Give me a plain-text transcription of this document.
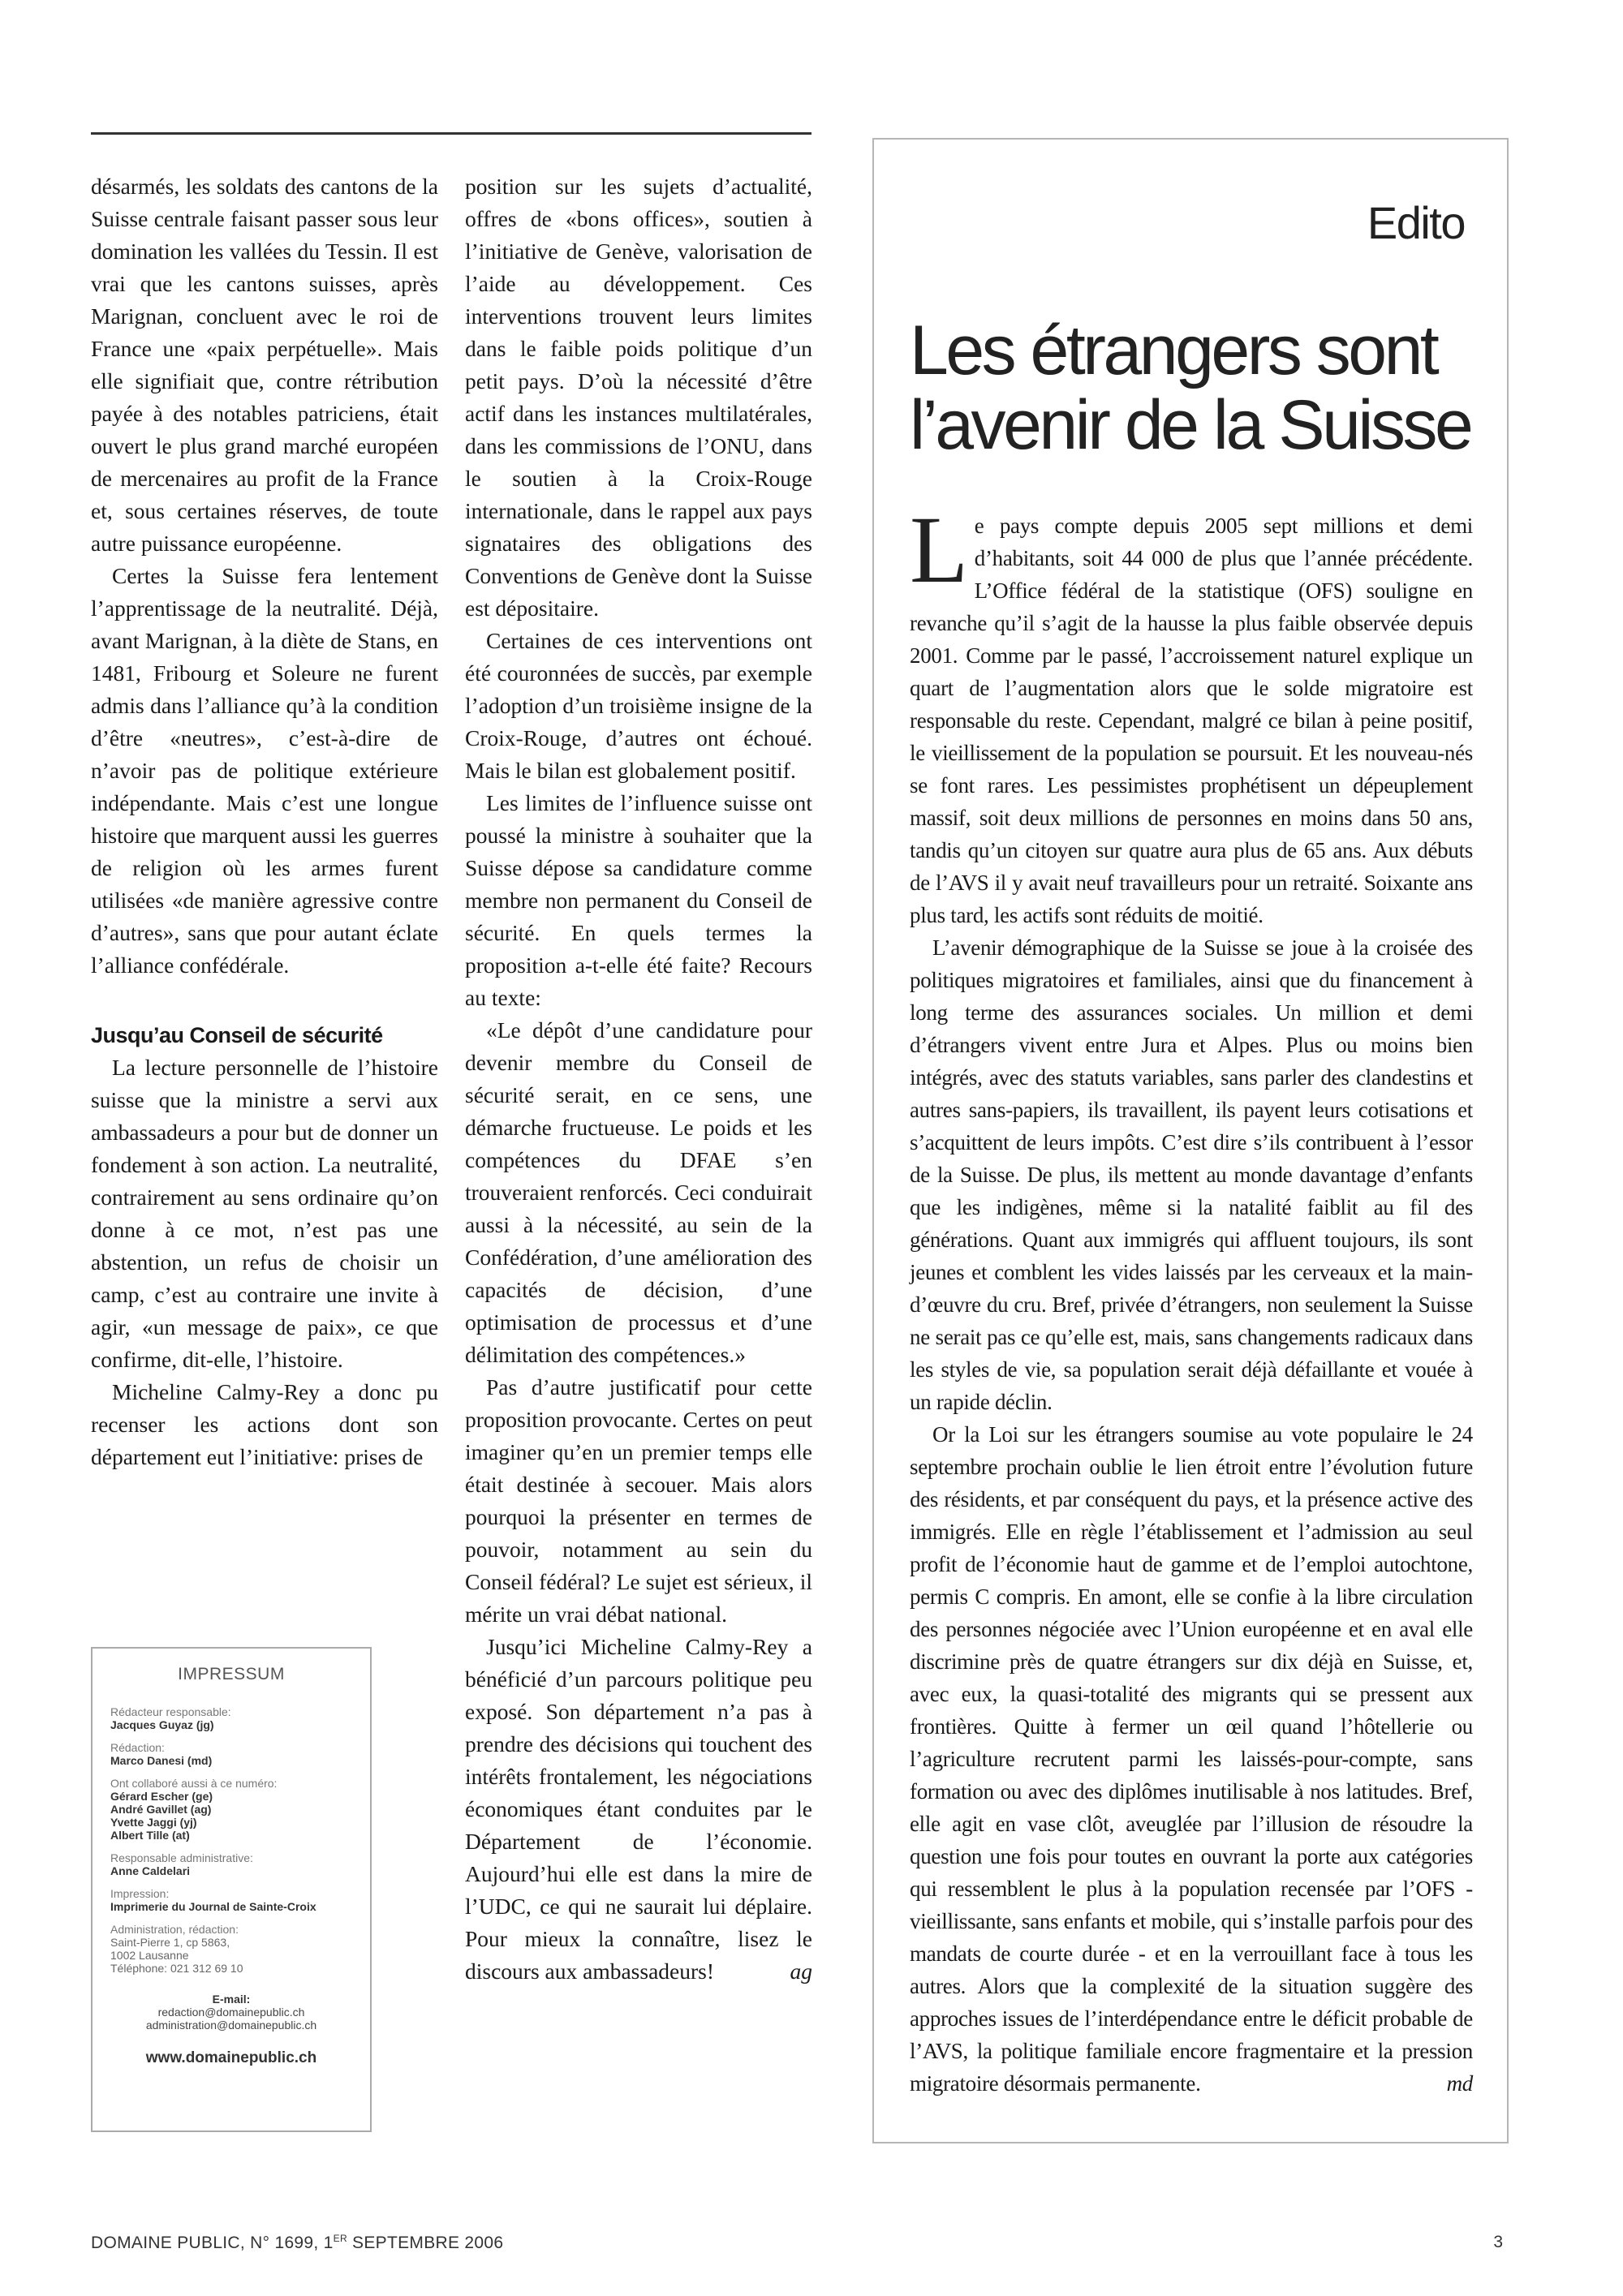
désarmés, les soldats des cantons de la Suisse centrale faisant passer sous leur domination les vallées du Tessin. Il est vrai que les cantons suisses, après Marignan, concluent avec le roi de France une «paix perpétuelle». Mais elle signifiait que, contre rétribution payée à des notables patriciens, était ouvert le plus grand marché européen de mercenaires au profit de la France et, sous certaines réserves, de toute autre puissance européenne.

Certes la Suisse fera lentement l’apprentissage de la neutralité. Déjà, avant Marignan, à la diète de Stans, en 1481, Fribourg et Soleure ne furent admis dans l’alliance qu’à la condition d’être «neutres», c’est-à-dire de n’avoir pas de politique extérieure indépendante. Mais c’est une longue histoire que marquent aussi les guerres de religion où les armes furent utilisées «de manière agressive contre d’autres», sans que pour autant éclate l’alliance confédérale.

Jusqu’au Conseil de sécurité

La lecture personnelle de l’histoire suisse que la ministre a servi aux ambassadeurs a pour but de donner un fondement à son action. La neutralité, contrairement au sens ordinaire qu’on donne à ce mot, n’est pas une abstention, un refus de choisir un camp, c’est au contraire une invite à agir, «un message de paix», ce que confirme, dit-elle, l’histoire.

Micheline Calmy-Rey a donc pu recenser les actions dont son département eut l’initiative: prises de

position sur les sujets d’actualité, offres de «bons offices», soutien à l’initiative de Genève, valorisation de l’aide au développement. Ces interventions trouvent leurs limites dans le faible poids politique d’un petit pays. D’où la nécessité d’être actif dans les instances multilatérales, dans les commissions de l’ONU, dans le soutien à la Croix-Rouge internationale, dans le rappel aux pays signataires des obligations des Conventions de Genève dont la Suisse est dépositaire.

Certaines de ces interventions ont été couronnées de succès, par exemple l’adoption d’un troisième insigne de la Croix-Rouge, d’autres ont échoué. Mais le bilan est globalement positif.

Les limites de l’influence suisse ont poussé la ministre à souhaiter que la Suisse dépose sa candidature comme membre non permanent du Conseil de sécurité. En quels termes la proposition a-t-elle été faite? Recours au texte:

«Le dépôt d’une candidature pour devenir membre du Conseil de sécurité serait, en ce sens, une démarche fructueuse. Le poids et les compétences du DFAE s’en trouveraient renforcés. Ceci conduirait aussi à la nécessité, au sein de la Confédération, d’une amélioration des capacités de décision, d’une optimisation de processus et d’une délimitation des compétences.»

Pas d’autre justificatif pour cette proposition provocante. Certes on peut imaginer qu’en un premier temps elle était destinée à secouer. Mais alors pourquoi la présenter en termes de pouvoir, notamment au sein du Conseil fédéral? Le sujet est sérieux, il mérite un vrai débat national.

Jusqu’ici Micheline Calmy-Rey a bénéficié d’un parcours politique peu exposé. Son département n’a pas à prendre des décisions qui touchent des intérêts frontalement, les négociations économiques étant conduites par le Département de l’économie. Aujourd’hui elle est dans la mire de l’UDC, ce qui ne saurait lui déplaire. Pour mieux la connaître, lisez le discours aux ambassadeurs!	ag

IMPRESSUM
Rédacteur responsable:
Jacques Guyaz (jg)
Rédaction:
Marco Danesi (md)
Ont collaboré aussi à ce numéro:
Gérard Escher (ge)
André Gavillet (ag)
Yvette Jaggi (yj)
Albert Tille (at)
Responsable administrative:
Anne Caldelari
Impression:
Imprimerie du Journal de Sainte-Croix
Administration, rédaction:
Saint-Pierre 1, cp 5863,
1002 Lausanne
Téléphone: 021 312 69 10
E-mail:
redaction@domainepublic.ch
administration@domainepublic.ch
www.domainepublic.ch
Edito
Les étrangers sont l’avenir de la Suisse

Le pays compte depuis 2005 sept millions et demi d’habitants, soit 44 000 de plus que l’année précédente. L’Office fédéral de la statistique (OFS) souligne en revanche qu’il s’agit de la hausse la plus faible observée depuis 2001. Comme par le passé, l’accroissement naturel explique un quart de l’augmentation alors que le solde migratoire est responsable du reste. Cependant, malgré ce bilan à peine positif, le vieillissement de la population se poursuit. Et les nouveau-nés se font rares. Les pessimistes prophétisent un dépeuplement massif, soit deux millions de personnes en moins dans 50 ans, tandis qu’un citoyen sur quatre aura plus de 65 ans. Aux débuts de l’AVS il y avait neuf travailleurs pour un retraité. Soixante ans plus tard, les actifs sont réduits de moitié.

L’avenir démographique de la Suisse se joue à la croisée des politiques migratoires et familiales, ainsi que du financement à long terme des assurances sociales. Un million et demi d’étrangers vivent entre Jura et Alpes. Plus ou moins bien intégrés, avec des statuts variables, sans parler des clandestins et autres sans-papiers, ils travaillent, ils payent leurs cotisations et s’acquittent de leurs impôts. C’est dire s’ils contribuent à l’essor de la Suisse. De plus, ils mettent au monde davantage d’enfants que les indigènes, même si la natalité faiblit au fil des générations. Quant aux immigrés qui affluent toujours, ils sont jeunes et comblent les vides laissés par les cerveaux et la main-d’œuvre du cru. Bref, privée d’étrangers, non seulement la Suisse ne serait pas ce qu’elle est, mais, sans changements radicaux dans les styles de vie, sa population serait déjà défaillante et vouée à un rapide déclin.

Or la Loi sur les étrangers soumise au vote populaire le 24 septembre prochain oublie le lien étroit entre l’évolution future des résidents, et par conséquent du pays, et la présence active des immigrés. Elle en règle l’établissement et l’admission au seul profit de l’économie haut de gamme et de l’emploi autochtone, permis C compris. En amont, elle se confie à la libre circulation des personnes négociée avec l’Union européenne et en aval elle discrimine près de quatre étrangers sur dix déjà en Suisse, et, avec eux, la quasi-totalité des migrants qui se pressent aux frontières. Quitte à fermer un œil quand l’hôtellerie ou l’agriculture recrutent parmi les laissés-pour-compte, sans formation ou avec des diplômes inutilisable à nos latitudes. Bref, elle agit en vase clôt, aveuglée par l’illusion de résoudre la question une fois pour toutes en ouvrant la porte aux catégories qui ressemblent le plus à la population recensée par l’OFS - vieillissante, sans enfants et mobile, qui s’installe parfois pour des mandats de courte durée - et en la verrouillant face à tous les autres. Alors que la complexité de la situation suggère des approches issues de l’interdépendance entre le déficit probable de l’AVS, la politique familiale encore fragmentaire et la pression migratoire désormais permanente.	md

DOMAINE PUBLIC, N° 1699, 1ER SEPTEMBRE 2006	3
